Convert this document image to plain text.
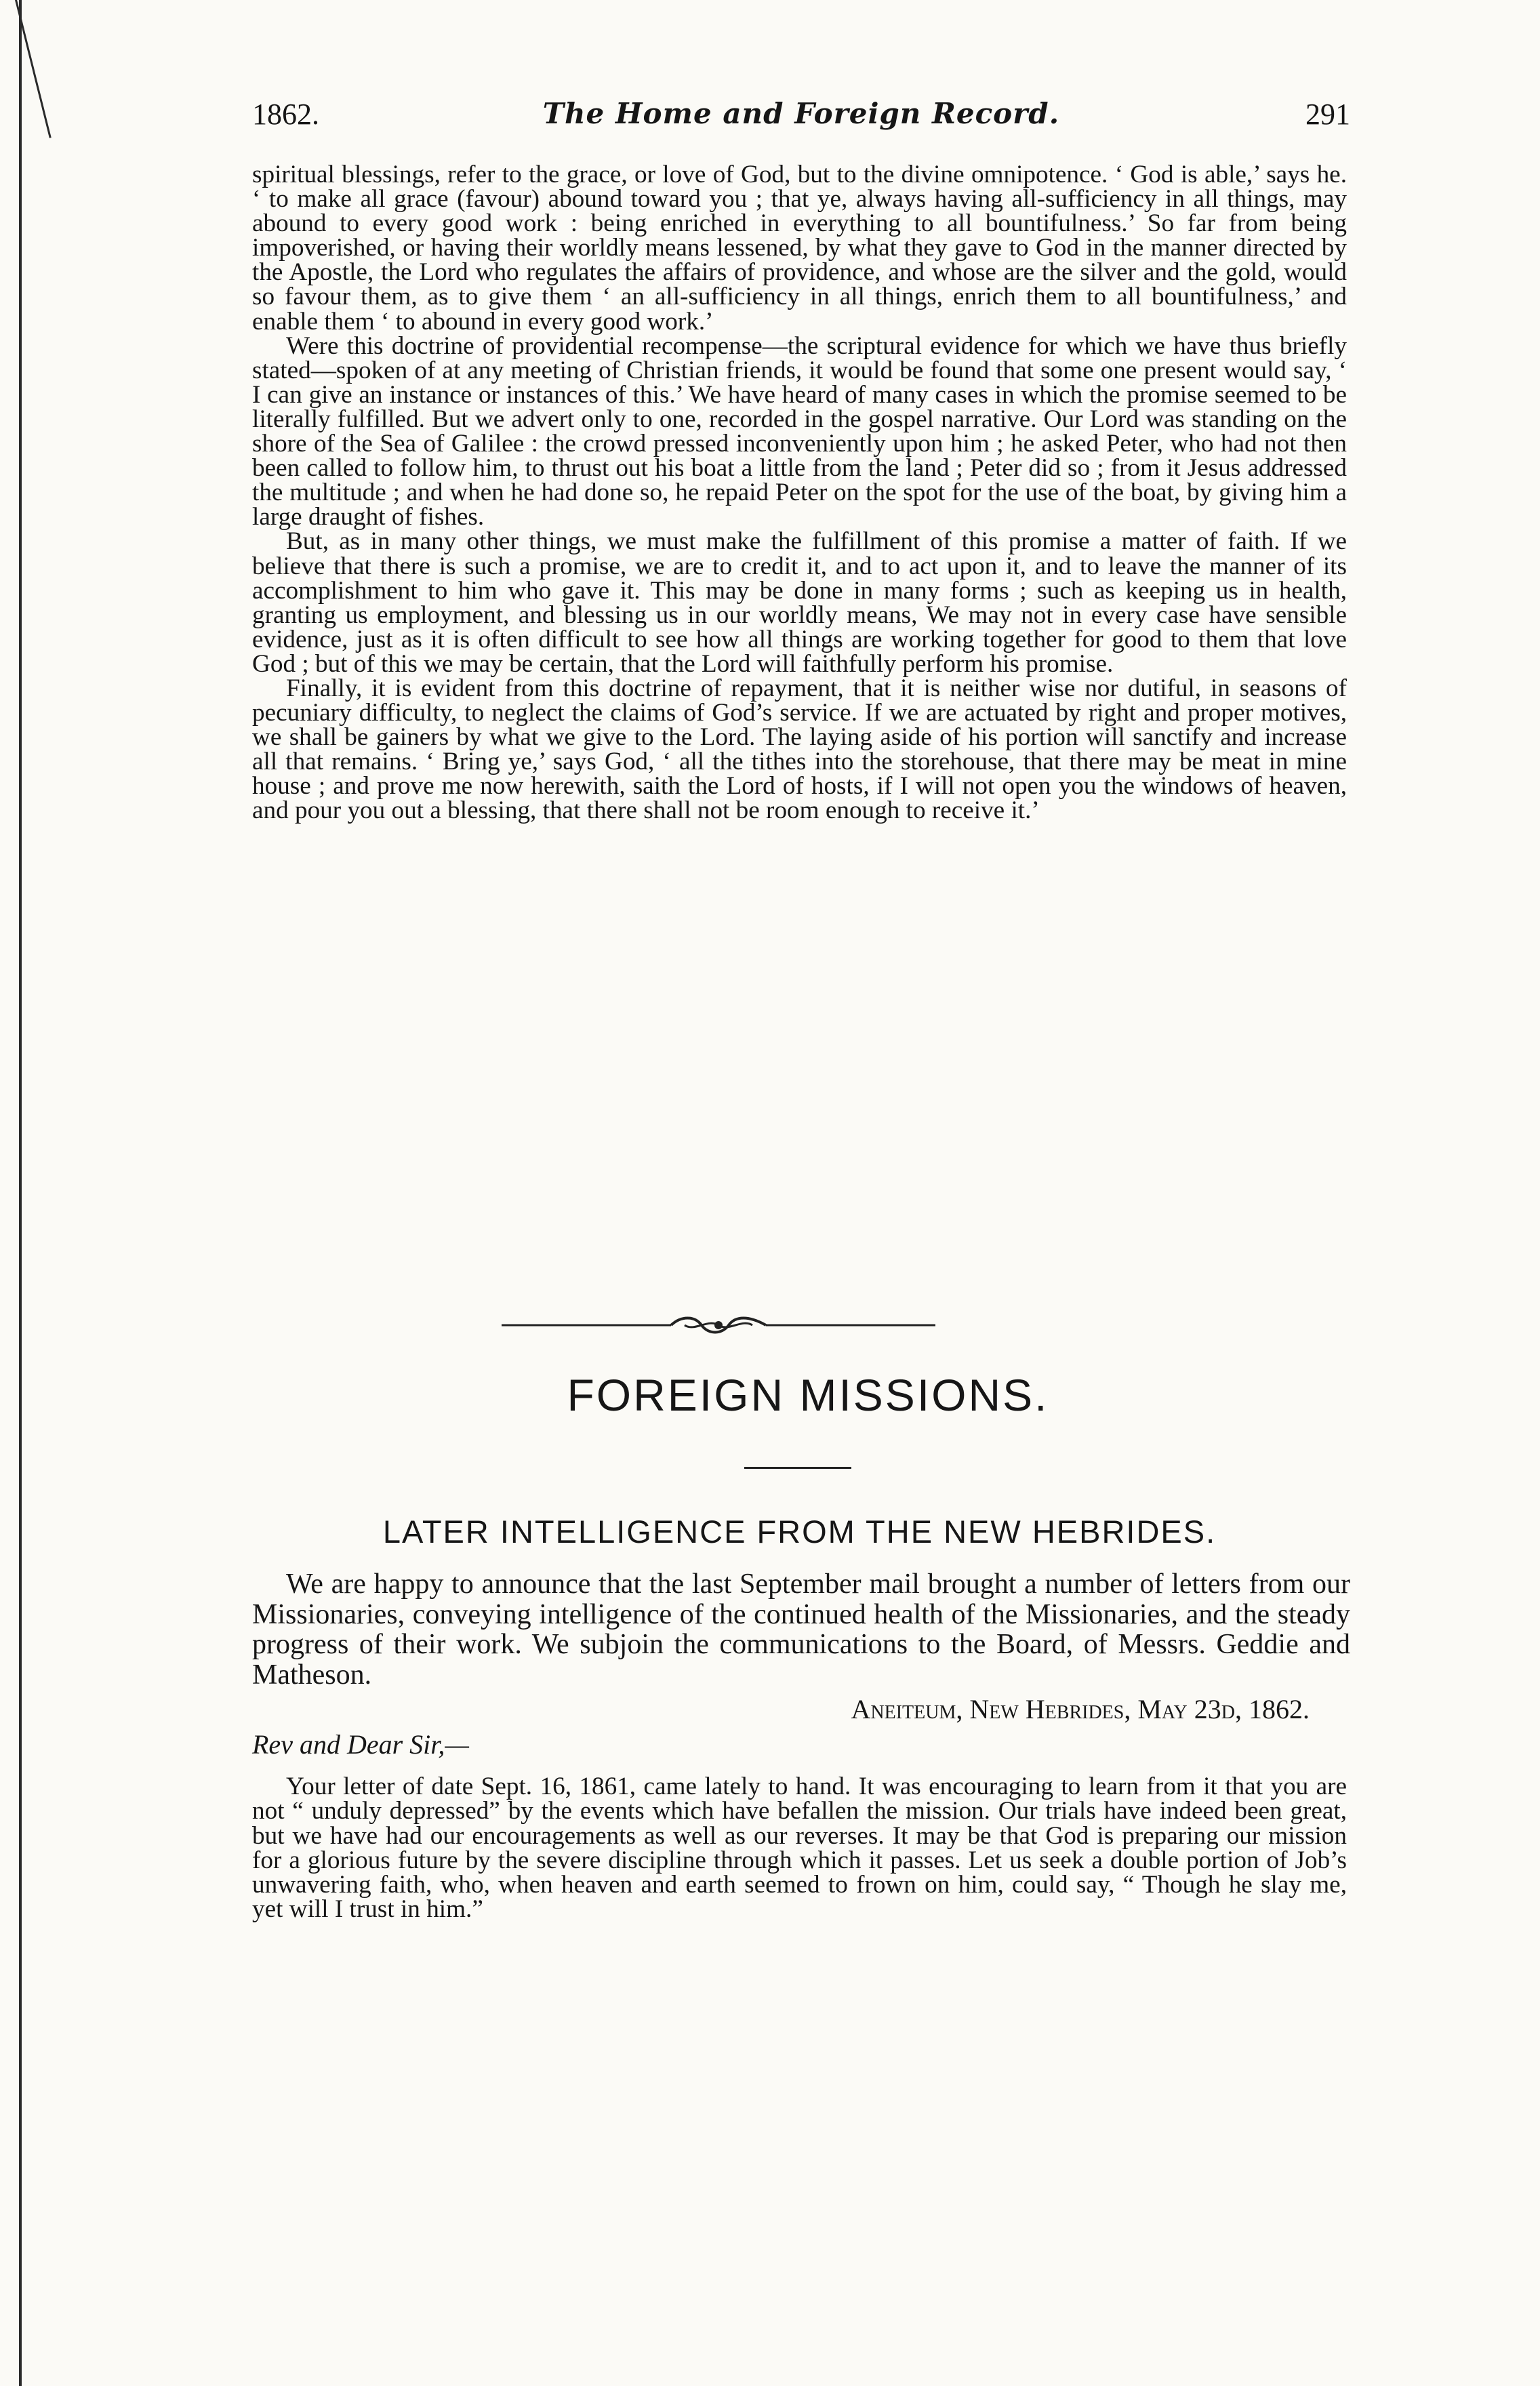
1862.	The Home and Foreign Record.	291

spiritual blessings, refer to the grace, or love of God, but to the divine omnipotence. ‘ God is able,’ says he. ‘ to make all grace (favour) abound toward you ; that ye, always having all-sufficiency in all things, may abound to every good work : being enriched in everything to all bountifulness.’ So far from being impoverished, or having their worldly means lessened, by what they gave to God in the manner directed by the Apostle, the Lord who regulates the affairs of providence, and whose are the silver and the gold, would so favour them, as to give them ‘ an all-sufficiency in all things, enrich them to all bountifulness,’ and enable them ‘ to abound in every good work.’

Were this doctrine of providential recompense—the scriptural evidence for which we have thus briefly stated—spoken of at any meeting of Christian friends, it would be found that some one present would say, ‘ I can give an instance or instances of this.’ We have heard of many cases in which the promise seemed to be literally fulfilled. But we advert only to one, recorded in the gospel narrative. Our Lord was standing on the shore of the Sea of Galilee : the crowd pressed inconveniently upon him ; he asked Peter, who had not then been called to follow him, to thrust out his boat a little from the land ; Peter did so ; from it Jesus addressed the multitude ; and when he had done so, he repaid Peter on the spot for the use of the boat, by giving him a large draught of fishes.

But, as in many other things, we must make the fulfillment of this promise a matter of faith. If we believe that there is such a promise, we are to credit it, and to act upon it, and to leave the manner of its accomplishment to him who gave it. This may be done in many forms ; such as keeping us in health, granting us employment, and blessing us in our worldly means, We may not in every case have sensible evidence, just as it is often difficult to see how all things are working together for good to them that love God ; but of this we may be certain, that the Lord will faithfully perform his promise.

Finally, it is evident from this doctrine of repayment, that it is neither wise nor dutiful, in seasons of pecuniary difficulty, to neglect the claims of God’s service. If we are actuated by right and proper motives, we shall be gainers by what we give to the Lord. The laying aside of his portion will sanctify and increase all that remains. ‘ Bring ye,’ says God, ‘ all the tithes into the storehouse, that there may be meat in mine house ; and prove me now herewith, saith the Lord of hosts, if I will not open you the windows of heaven, and pour you out a blessing, that there shall not be room enough to receive it.’

FOREIGN MISSIONS.
LATER INTELLIGENCE FROM THE NEW HEBRIDES.

We are happy to announce that the last September mail brought a number of letters from our Missionaries, conveying intelligence of the continued health of the Missionaries, and the steady progress of their work. We subjoin the communications to the Board, of Messrs. Geddie and Matheson.

Aneiteum, New Hebrides, May 23d, 1862.
Rev and Dear Sir,—

Your letter of date Sept. 16, 1861, came lately to hand. It was encouraging to learn from it that you are not “ unduly depressed” by the events which have befallen the mission. Our trials have indeed been great, but we have had our encouragements as well as our reverses. It may be that God is preparing our mission for a glorious future by the severe discipline through which it passes. Let us seek a double portion of Job’s unwavering faith, who, when heaven and earth seemed to frown on him, could say, “ Though he slay me, yet will I trust in him.”
